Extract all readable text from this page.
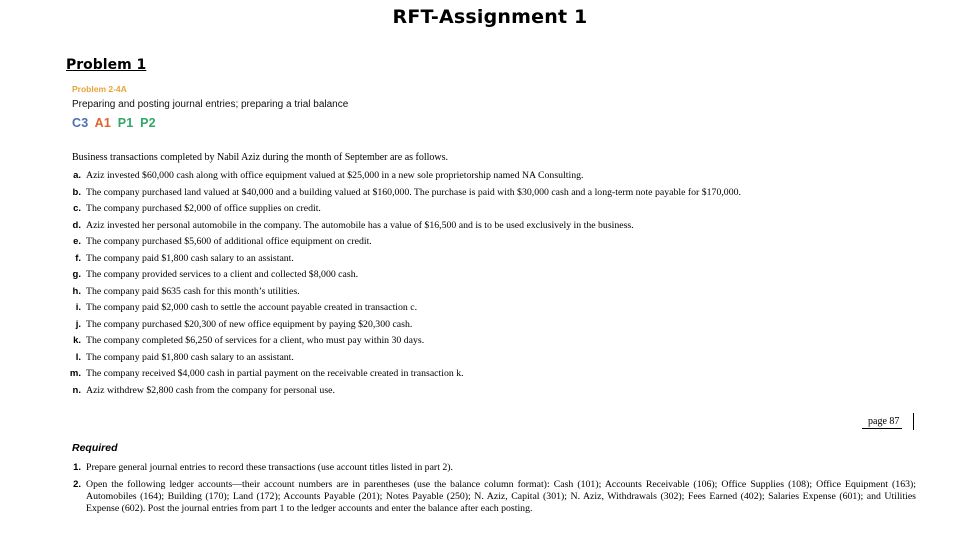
RFT-Assignment 1
Problem 1
Problem 2-4A
Preparing and posting journal entries; preparing a trial balance
C3 A1 P1 P2
Business transactions completed by Nabil Aziz during the month of September are as follows.
a. Aziz invested $60,000 cash along with office equipment valued at $25,000 in a new sole proprietorship named NA Consulting.
b. The company purchased land valued at $40,000 and a building valued at $160,000. The purchase is paid with $30,000 cash and a long-term note payable for $170,000.
c. The company purchased $2,000 of office supplies on credit.
d. Aziz invested her personal automobile in the company. The automobile has a value of $16,500 and is to be used exclusively in the business.
e. The company purchased $5,600 of additional office equipment on credit.
f. The company paid $1,800 cash salary to an assistant.
g. The company provided services to a client and collected $8,000 cash.
h. The company paid $635 cash for this month’s utilities.
i. The company paid $2,000 cash to settle the account payable created in transaction c.
j. The company purchased $20,300 of new office equipment by paying $20,300 cash.
k. The company completed $6,250 of services for a client, who must pay within 30 days.
l. The company paid $1,800 cash salary to an assistant.
m. The company received $4,000 cash in partial payment on the receivable created in transaction k.
n. Aziz withdrew $2,800 cash from the company for personal use.
page 87
Required
1. Prepare general journal entries to record these transactions (use account titles listed in part 2).
2. Open the following ledger accounts—their account numbers are in parentheses (use the balance column format): Cash (101); Accounts Receivable (106); Office Supplies (108); Office Equipment (163); Automobiles (164); Building (170); Land (172); Accounts Payable (201); Notes Payable (250); N. Aziz, Capital (301); N. Aziz, Withdrawals (302); Fees Earned (402); Salaries Expense (601); and Utilities Expense (602). Post the journal entries from part 1 to the ledger accounts and enter the balance after each posting.
